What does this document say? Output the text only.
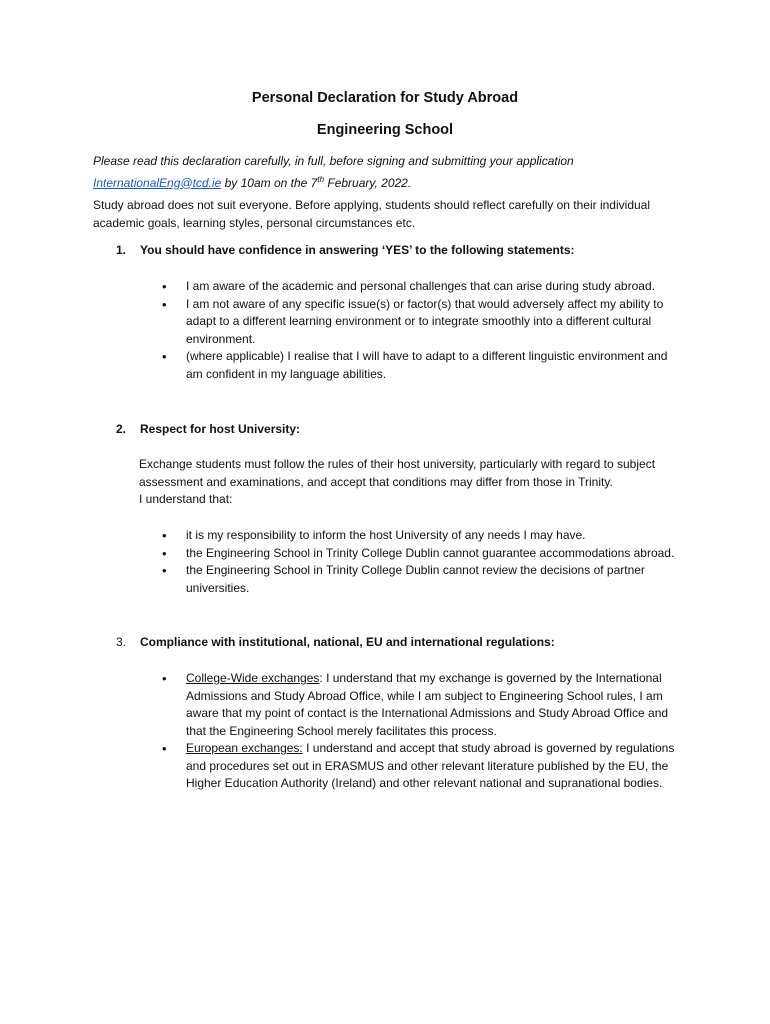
Personal Declaration for Study Abroad
Engineering School
Please read this declaration carefully, in full, before signing and submitting your application InternationalEng@tcd.ie by 10am on the 7th February, 2022.
Study abroad does not suit everyone. Before applying, students should reflect carefully on their individual academic goals, learning styles, personal circumstances etc.
1. You should have confidence in answering ‘YES’ to the following statements:
• I am aware of the academic and personal challenges that can arise during study abroad.
• I am not aware of any specific issue(s) or factor(s) that would adversely affect my ability to adapt to a different learning environment or to integrate smoothly into a different cultural environment.
• (where applicable) I realise that I will have to adapt to a different linguistic environment and am confident in my language abilities.
2. Respect for host University:
Exchange students must follow the rules of their host university, particularly with regard to subject assessment and examinations, and accept that conditions may differ from those in Trinity.
I understand that:
• it is my responsibility to inform the host University of any needs I may have.
• the Engineering School in Trinity College Dublin cannot guarantee accommodations abroad.
• the Engineering School in Trinity College Dublin cannot review the decisions of partner universities.
3. Compliance with institutional, national, EU and international regulations:
• College-Wide exchanges: I understand that my exchange is governed by the International Admissions and Study Abroad Office, while I am subject to Engineering School rules, I am aware that my point of contact is the International Admissions and Study Abroad Office and that the Engineering School merely facilitates this process.
• European exchanges: I understand and accept that study abroad is governed by regulations and procedures set out in ERASMUS and other relevant literature published by the EU, the Higher Education Authority (Ireland) and other relevant national and supranational bodies.
